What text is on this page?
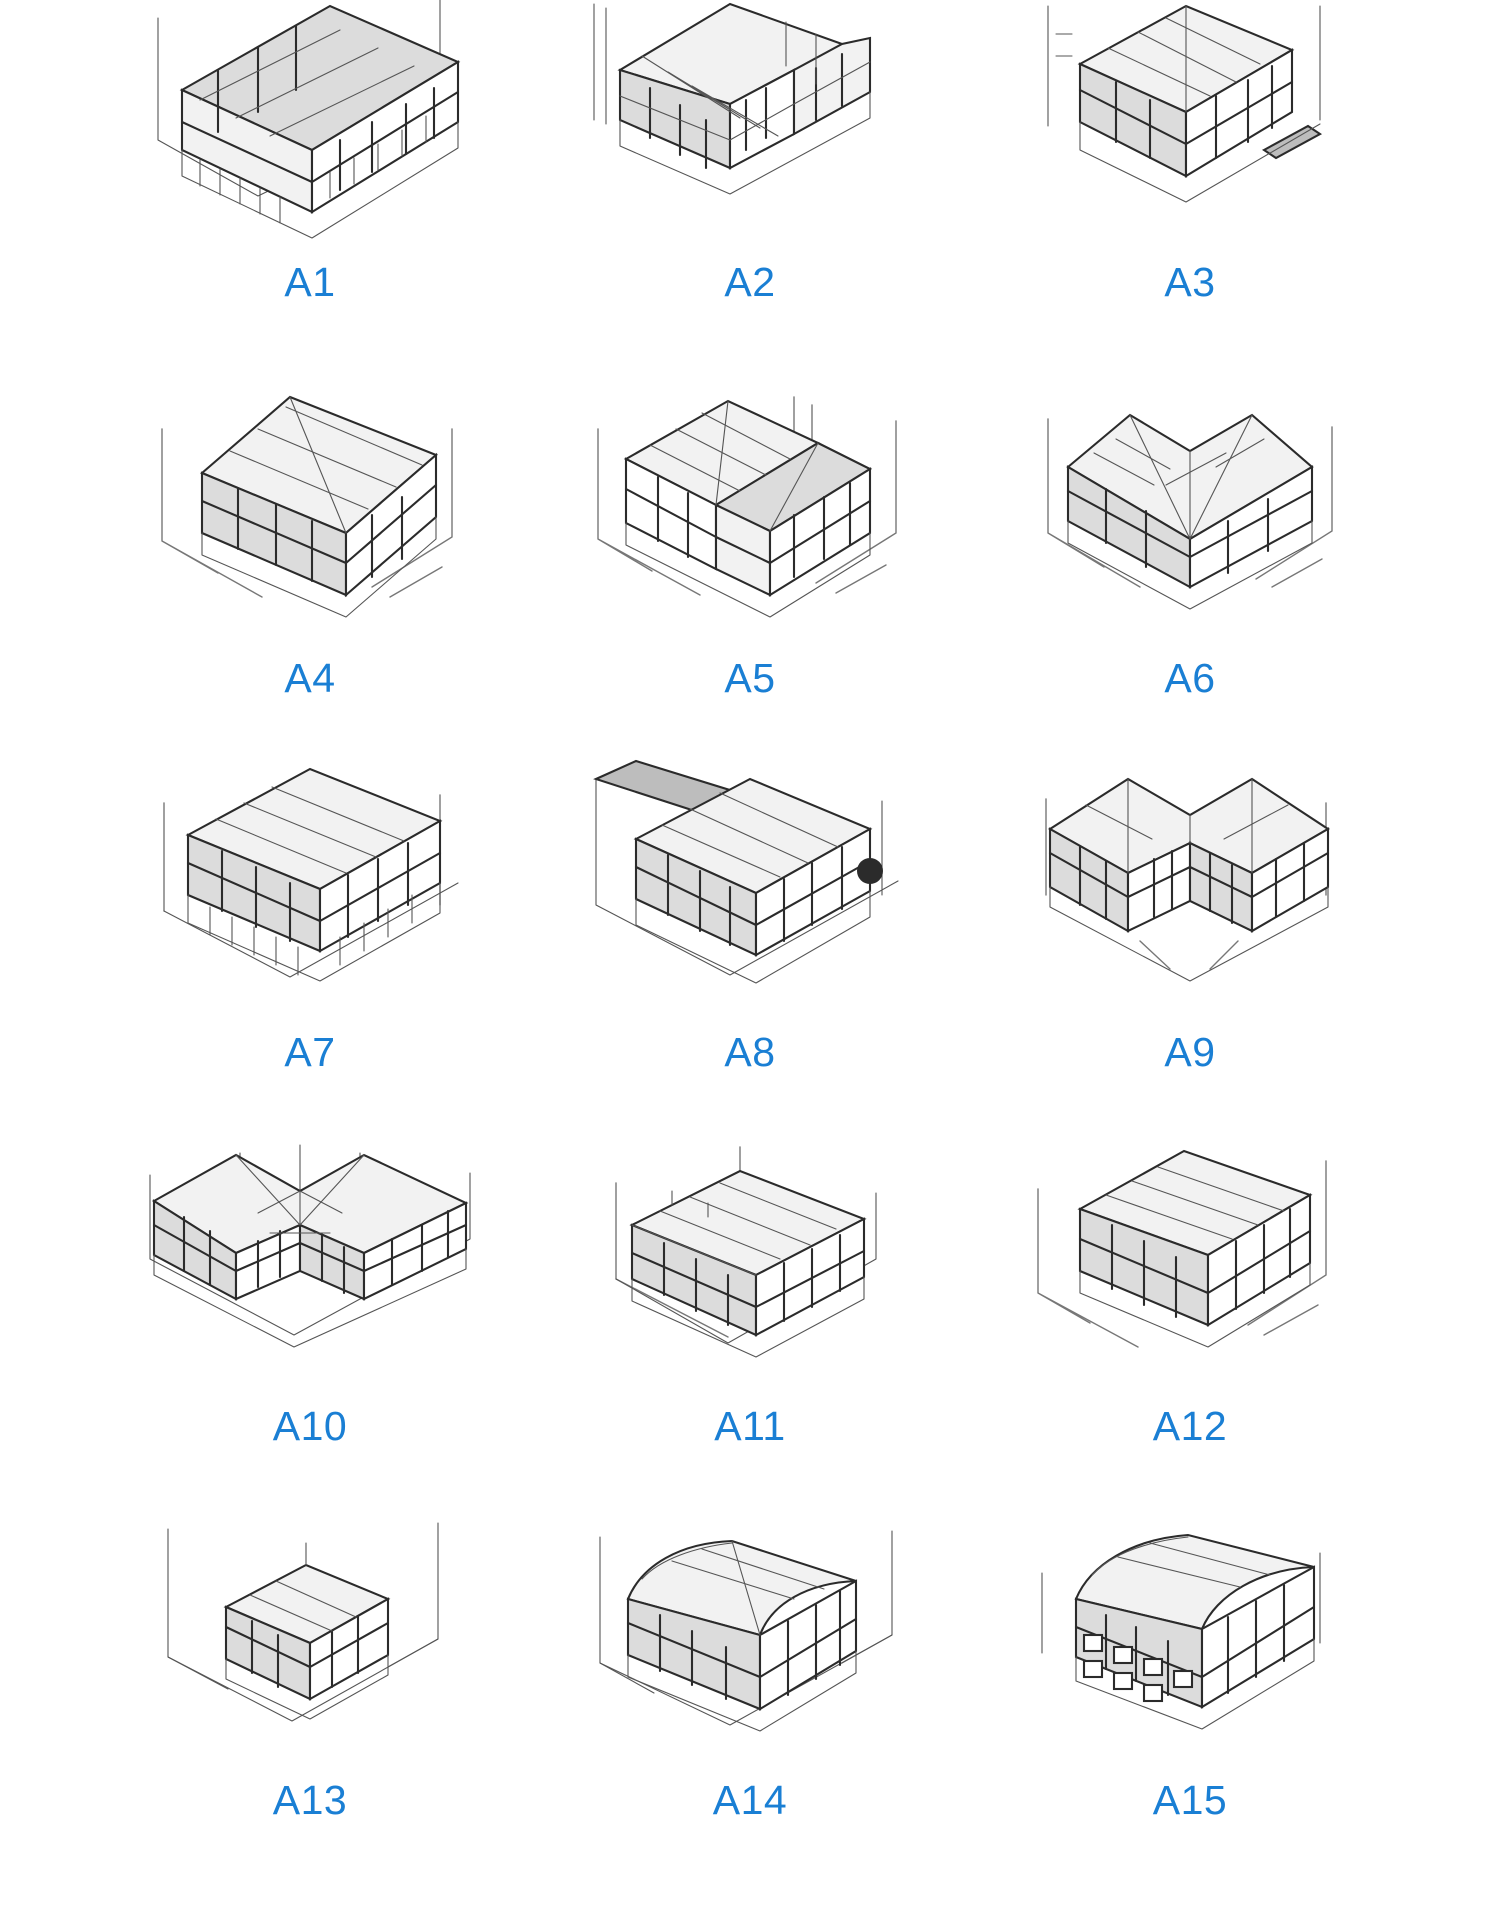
A1	A2	A3
A4	A5	A6
A7	A8	A9
A10	A11	A12
A13	A14	A15
